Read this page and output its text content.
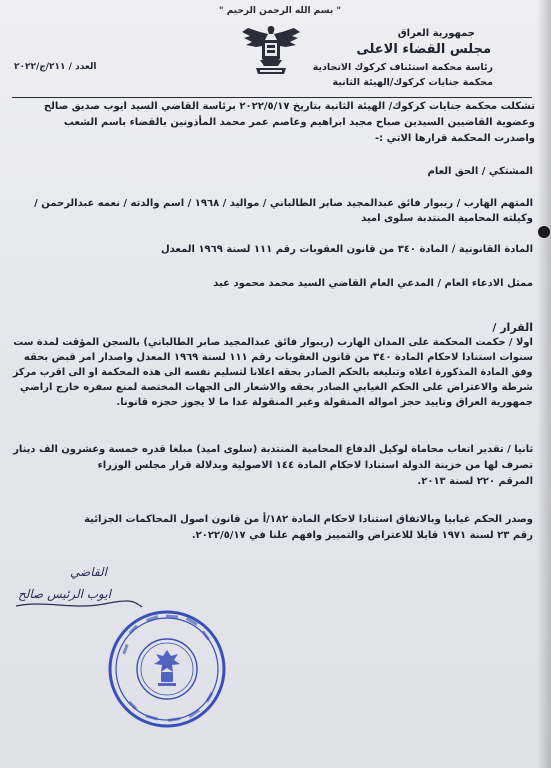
" بسم الله الرحمن الرحيم "
جمهورية العراق
مجلس القضاء الاعلى
رئاسة محكمة استئناف كركوك الاتحادية
محكمة جنايات كركوك/الهيئة الثانية
العدد / ٢١١/ج/٢٠٢٢
تشكلت محكمة جنايات كركوك/ الهيئة الثانية بتاريخ ٢٠٢٢/٥/١٧ برئاسة القاضي السيد ايوب صديق صالح
وعضوية القاضيين السيدين صباح مجيد ابراهيم وعاصم عمر محمد المأذونين بالقضاء باسم الشعب
واصدرت المحكمة قرارها الاتي :-
المشتكي / الحق العام
المتهم الهارب / ريبوار فائق عبدالمجيد صابر الطالباني / مواليد / ١٩٦٨ / اسم والدته / نعمه عبدالرحمن /
وكيلته المحامية المنتدبة سلوى اميد
المادة القانونية / المادة ٣٤٠ من قانون العقوبات رقم ١١١ لسنة ١٩٦٩ المعدل
ممثل الادعاء العام / المدعي العام القاضي السيد محمد محمود عبد
القرار /
اولا / حكمت المحكمة على المدان الهارب (ريبوار فائق عبدالمجيد صابر الطالباني) بالسجن المؤقت لمدة ست
سنوات استنادا لاحكام المادة ٣٤٠ من قانون العقوبات رقم ١١١ لسنة ١٩٦٩ المعدل واصدار امر قبض بحقه
وفق المادة المذكورة اعلاه وتبليغه بالحكم الصادر بحقه اعلانا لتسليم نفسه الى هذه المحكمة او الى اقرب مركز
شرطة والاعتراض على الحكم الغيابي الصادر بحقه والاشعار الى الجهات المختصة لمنع سفره خارج اراضي
جمهورية العراق وتاييد حجز امواله المنقولة وغير المنقولة عدا ما لا يجوز حجزه قانونا.
ثانيا / تقدير اتعاب محاماة لوكيل الدفاع المحامية المنتدبة (سلوى اميد) مبلغا قدره خمسة وعشرون الف دينار
تصرف لها من خزينة الدولة استنادا لاحكام المادة ١٤٤ الاصولية وبدلالة قرار مجلس الوزراء
المرقم ٢٢٠ لسنة ٢٠١٣.
وصدر الحكم غيابيا وبالاتفاق استنادا لاحكام المادة ١٨٢/أ من قانون اصول المحاكمات الجزائية
رقم ٢٣ لسنة ١٩٧١ قابلا للاعتراض والتمييز وافهم علنا في ٢٠٢٢/٥/١٧.
القاضي
ايوب الرئيس صالح
